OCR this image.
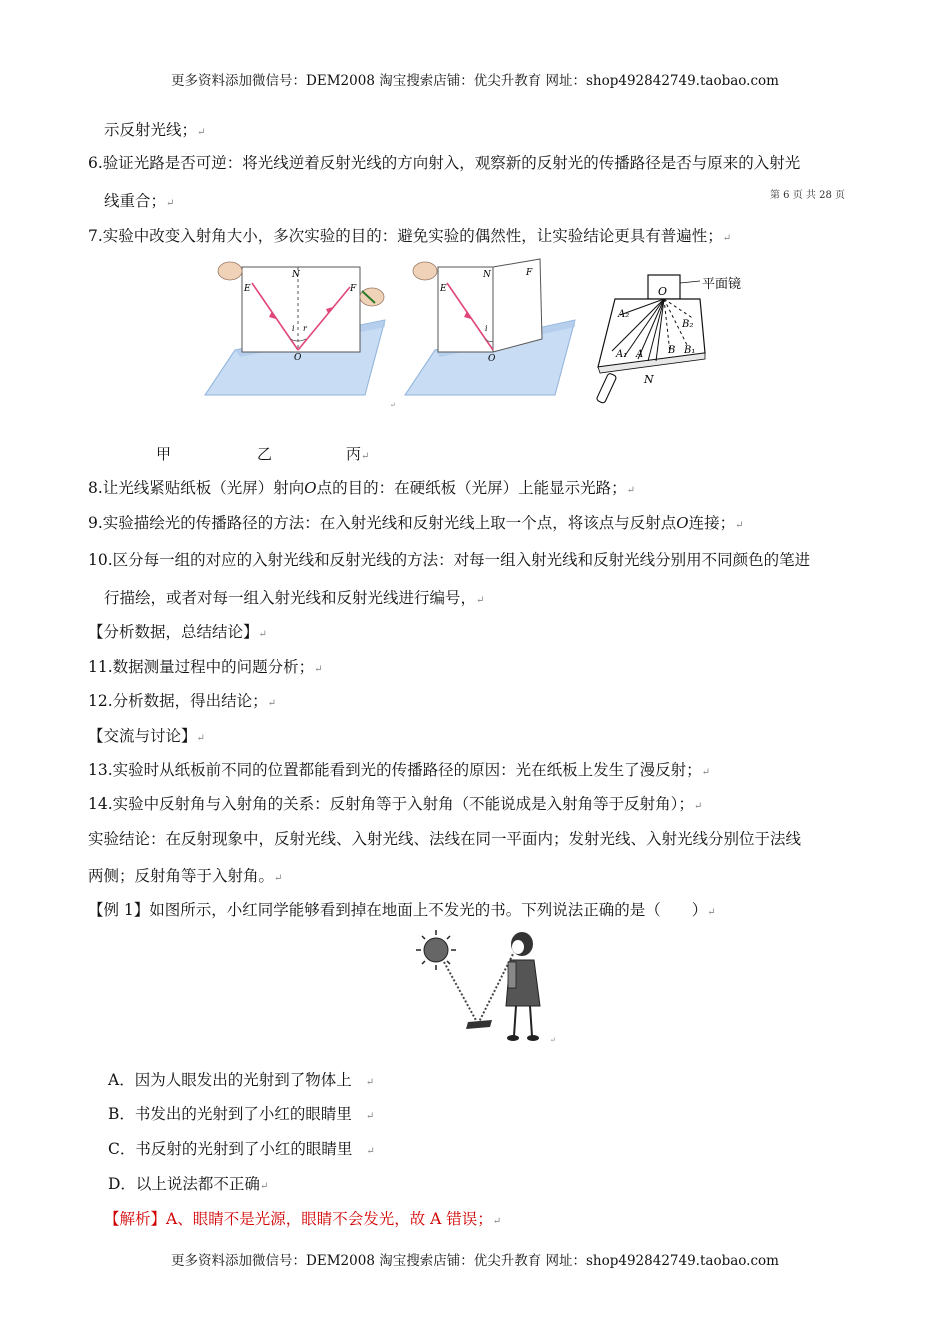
更多资料添加微信号：DEM2008 淘宝搜索店铺：优尖升教育 网址：shop492842749.taobao.com
示反射光线；↵
6.验证光路是否可逆：将光线逆着反射光线的方向射入，观察新的反射光的传播路径是否与原来的入射光
线重合；↵
第 6 页 共 28 页
7.实验中改变入射角大小，多次实验的目的：避免实验的偶然性，让实验结论更具有普遍性；↵
E
N
F
O
i r
E
N	F
O
i
平面镜
O
A₂
A₁ A
B₂
B B₁
N
↵
甲	乙	丙↵
8.让光线紧贴纸板（光屏）射向O点的目的：在硬纸板（光屏）上能显示光路；↵
9.实验描绘光的传播路径的方法：在入射光线和反射光线上取一个点，将该点与反射点O连接；↵
10.区分每一组的对应的入射光线和反射光线的方法：对每一组入射光线和反射光线分别用不同颜色的笔进
行描绘，或者对每一组入射光线和反射光线进行编号，↵
【分析数据，总结结论】↵
11.数据测量过程中的问题分析；↵
12.分析数据，得出结论；↵
【交流与讨论】↵
13.实验时从纸板前不同的位置都能看到光的传播路径的原因：光在纸板上发生了漫反射；↵
14.实验中反射角与入射角的关系：反射角等于入射角（不能说成是入射角等于反射角）；↵
实验结论：在反射现象中，反射光线、入射光线、法线在同一平面内；发射光线、入射光线分别位于法线
两侧；反射角等于入射角。↵
【例 1】如图所示，小红同学能够看到掉在地面上不发光的书。下列说法正确的是（　　）↵
↵
A．因为人眼发出的光射到了物体上 ↵
B．书发出的光射到了小红的眼睛里 ↵
C．书反射的光射到了小红的眼睛里 ↵
D．以上说法都不正确↵
【解析】A、眼睛不是光源，眼睛不会发光，故 A 错误；↵
更多资料添加微信号：DEM2008 淘宝搜索店铺：优尖升教育 网址：shop492842749.taobao.com
